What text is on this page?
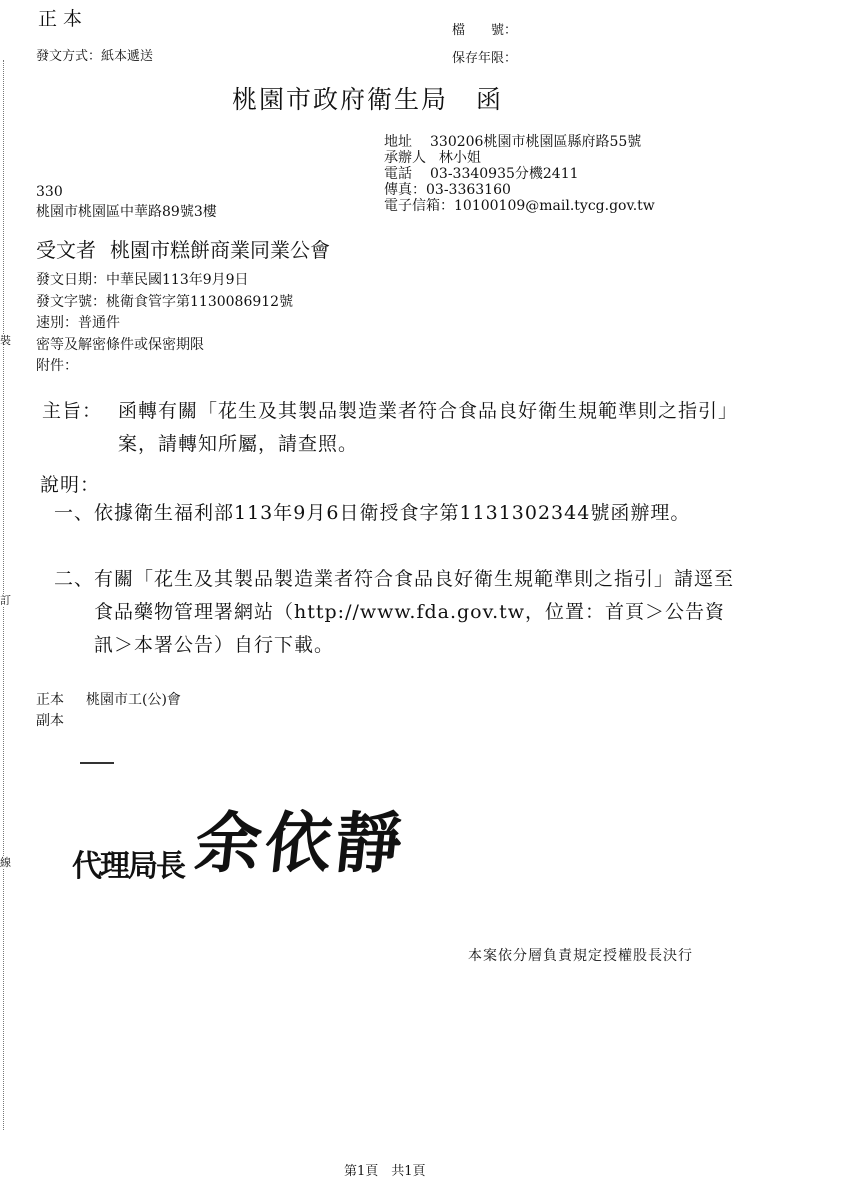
裝
訂
線
正本
檔　　號：
發文方式：紙本遞送	保存年限：
桃園市政府衛生局 函
地址 330206桃園市桃園區縣府路55號
承辦人 林小姐
電話 03-3340935分機2411
傳真：03-3363160
電子信箱：10100109@mail.tycg.gov.tw
330
桃園市桃園區中華路89號3樓
受文者 桃園市糕餅商業同業公會
發文日期：中華民國113年9月9日
發文字號：桃衛食管字第1130086912號
速別：普通件
密等及解密條件或保密期限
附件：
主旨： 函轉有關「花生及其製品製造業者符合食品良好衛生規範準則之指引」　案，請轉知所屬，請查照。
說明：
一、 依據衛生福利部113年9月6日衛授食字第1131302344號函辦理。
二、 有關「花生及其製品製造業者符合食品良好衛生規範準則之指引」請逕至食品藥物管理署網站（http://www.fda.gov.tw，位置：首頁＞公告資訊＞本署公告）自行下載。
正本 桃園市工(公)會
副本
代理局長 余依靜
本案依分層負責規定授權股長決行
第1頁　共1頁
